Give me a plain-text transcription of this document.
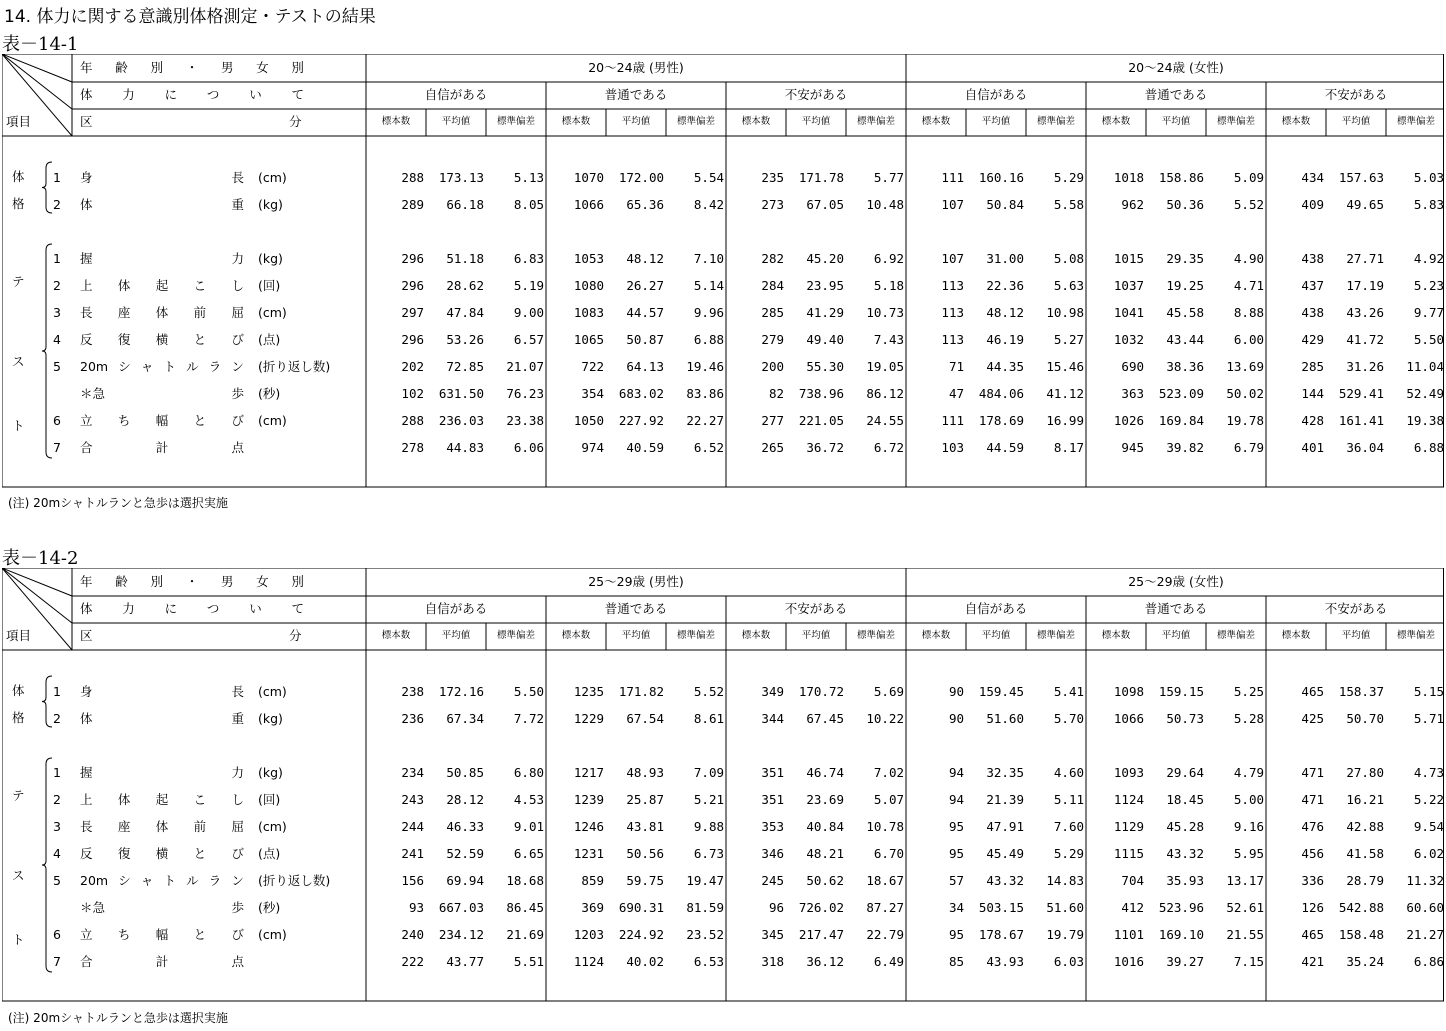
14. 体力に関する意識別体格測定・テストの結果
表－14-1
年 齢 別 ・ 男 女 別
体 力 に つ い て
項目	区	分
20～24歳 (男性)	20～24歳 (女性)
自信がある	普通である	不安がある	自信がある	普通である	不安がある
標本数	平均値	標準偏差	標本数	平均値	標準偏差	標本数	平均値	標準偏差	標本数	平均値	標準偏差	標本数	平均値	標準偏差	標本数	平均値	標準偏差
体
格
テ
ス
ト
1 身	長 (cm)	288	173.13	5.13	1070	172.00	5.54	235	171.78	5.77	111	160.16	5.29	1018	158.86	5.09	434	157.63	5.03
2 体	重 (kg)	289	66.18	8.05	1066	65.36	8.42	273	67.05	10.48	107	50.84	5.58	962	50.36	5.52	409	49.65	5.83
1 握	力 (kg)	296	51.18	6.83	1053	48.12	7.10	282	45.20	6.92	107	31.00	5.08	1015	29.35	4.90	438	27.71	4.92
2 上 体 起 こ し (回)	296	28.62	5.19	1080	26.27	5.14	284	23.95	5.18	113	22.36	5.63	1037	19.25	4.71	437	17.19	5.23
3 長 座 体 前 屈 (cm)	297	47.84	9.00	1083	44.57	9.96	285	41.29	10.73	113	48.12	10.98	1041	45.58	8.88	438	43.26	9.77
4 反 復 横 と び (点)	296	53.26	6.57	1065	50.87	6.88	279	49.40	7.43	113	46.19	5.27	1032	43.44	6.00	429	41.72	5.50
5 20m シ ャ ト ル ラ ン (折り返し数)	202	72.85	21.07	722	64.13	19.46	200	55.30	19.05	71	44.35	15.46	690	38.36	13.69	285	31.26	11.04
＊急	歩 (秒)	102	631.50	76.23	354	683.02	83.86	82	738.96	86.12	47	484.06	41.12	363	523.09	50.02	144	529.41	52.49
6 立 ち 幅 と び (cm)	288	236.03	23.38	1050	227.92	22.27	277	221.05	24.55	111	178.69	16.99	1026	169.84	19.78	428	161.41	19.38
7 合	計	点	278	44.83	6.06	974	40.59	6.52	265	36.72	6.72	103	44.59	8.17	945	39.82	6.79	401	36.04	6.88
(注) 20mシャトルランと急歩は選択実施
表－14-2
年 齢 別 ・ 男 女 別
体 力 に つ い て
項目	区	分
25～29歳 (男性)	25～29歳 (女性)
自信がある	普通である	不安がある	自信がある	普通である	不安がある
標本数	平均値	標準偏差	標本数	平均値	標準偏差	標本数	平均値	標準偏差	標本数	平均値	標準偏差	標本数	平均値	標準偏差	標本数	平均値	標準偏差
体
格
テ
ス
ト
1 身	長 (cm)	238	172.16	5.50	1235	171.82	5.52	349	170.72	5.69	90	159.45	5.41	1098	159.15	5.25	465	158.37	5.15
2 体	重 (kg)	236	67.34	7.72	1229	67.54	8.61	344	67.45	10.22	90	51.60	5.70	1066	50.73	5.28	425	50.70	5.71
1 握	力 (kg)	234	50.85	6.80	1217	48.93	7.09	351	46.74	7.02	94	32.35	4.60	1093	29.64	4.79	471	27.80	4.73
2 上 体 起 こ し (回)	243	28.12	4.53	1239	25.87	5.21	351	23.69	5.07	94	21.39	5.11	1124	18.45	5.00	471	16.21	5.22
3 長 座 体 前 屈 (cm)	244	46.33	9.01	1246	43.81	9.88	353	40.84	10.78	95	47.91	7.60	1129	45.28	9.16	476	42.88	9.54
4 反 復 横 と び (点)	241	52.59	6.65	1231	50.56	6.73	346	48.21	6.70	95	45.49	5.29	1115	43.32	5.95	456	41.58	6.02
5 20m シ ャ ト ル ラ ン (折り返し数)	156	69.94	18.68	859	59.75	19.47	245	50.62	18.67	57	43.32	14.83	704	35.93	13.17	336	28.79	11.32
＊急	歩 (秒)	93	667.03	86.45	369	690.31	81.59	96	726.02	87.27	34	503.15	51.60	412	523.96	52.61	126	542.88	60.60
6 立 ち 幅 と び (cm)	240	234.12	21.69	1203	224.92	23.52	345	217.47	22.79	95	178.67	19.79	1101	169.10	21.55	465	158.48	21.27
7 合	計	点	222	43.77	5.51	1124	40.02	6.53	318	36.12	6.49	85	43.93	6.03	1016	39.27	7.15	421	35.24	6.86
(注) 20mシャトルランと急歩は選択実施
